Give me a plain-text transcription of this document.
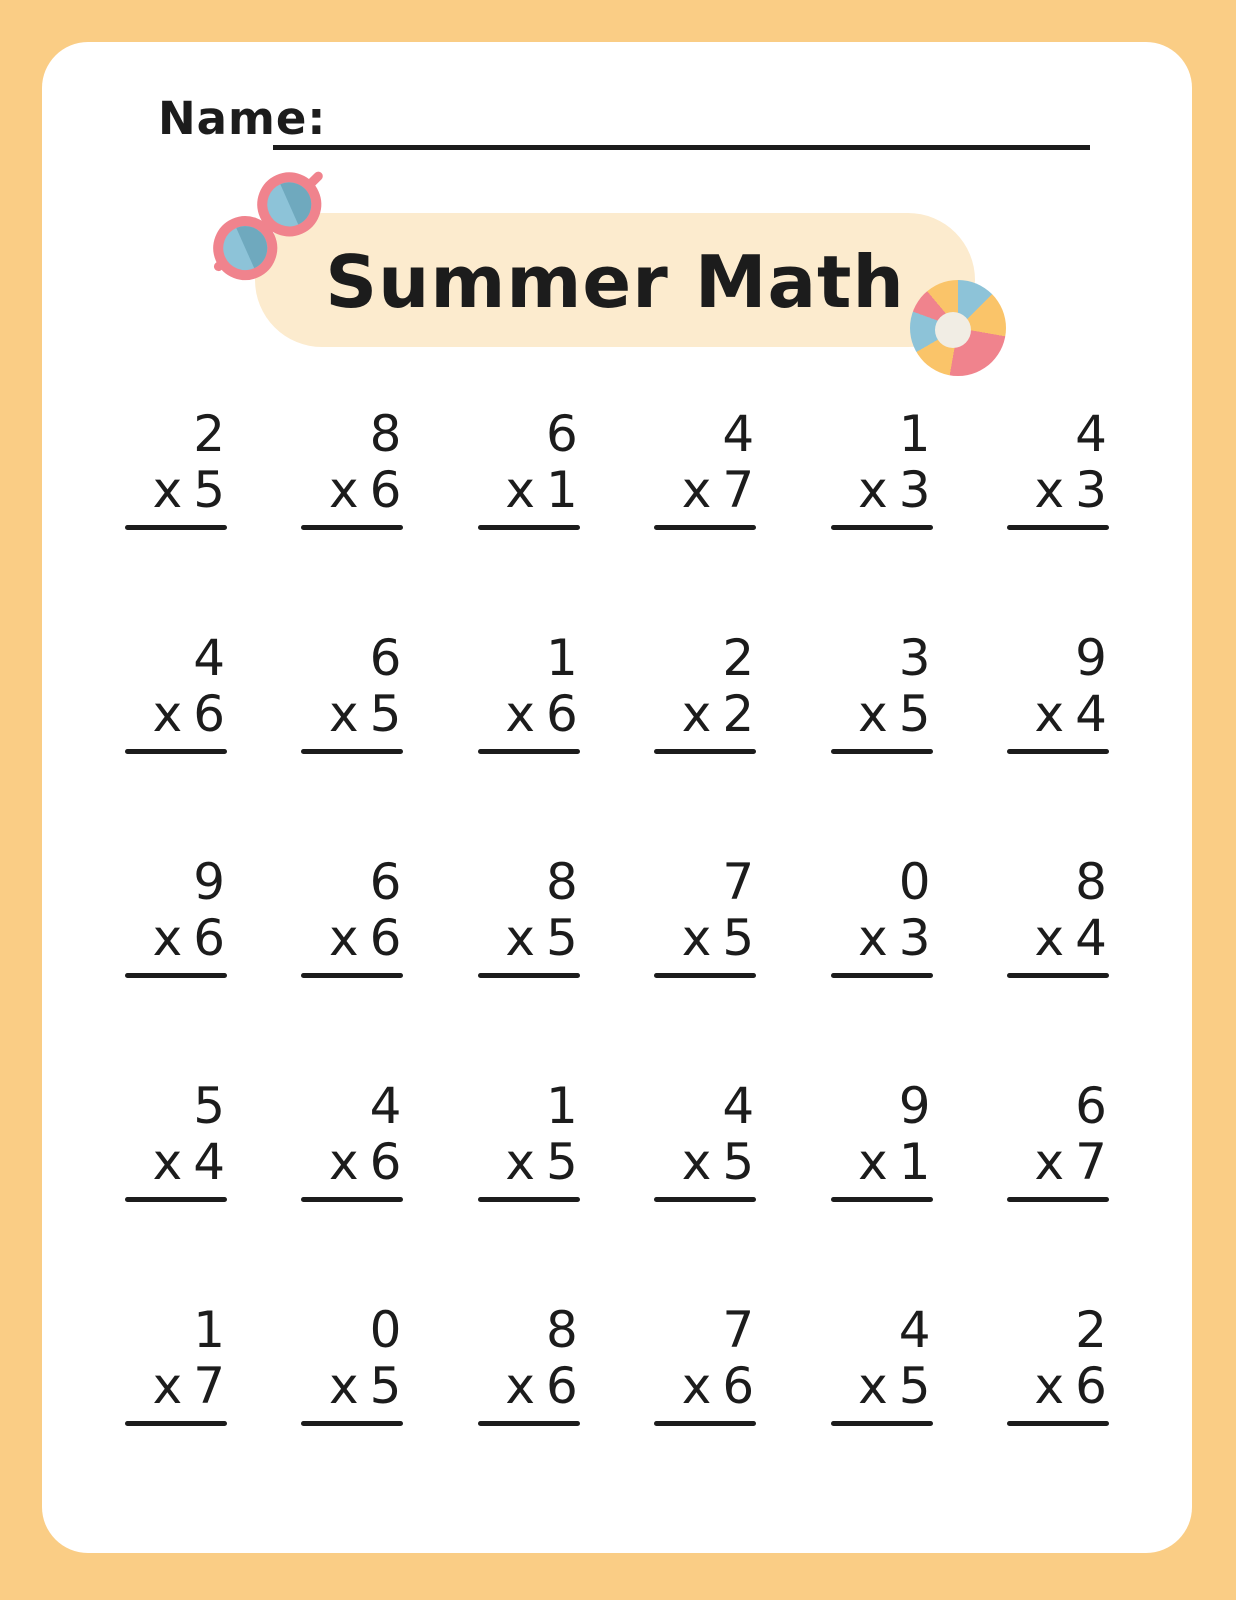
Name:
Summer Math
2
x 5
8
x 6
6
x 1
4
x 7
1
x 3
4
x 3
4
x 6
6
x 5
1
x 6
2
x 2
3
x 5
9
x 4
9
x 6
6
x 6
8
x 5
7
x 5
0
x 3
8
x 4
5
x 4
4
x 6
1
x 5
4
x 5
9
x 1
6
x 7
1
x 7
0
x 5
8
x 6
7
x 6
4
x 5
2
x 6
